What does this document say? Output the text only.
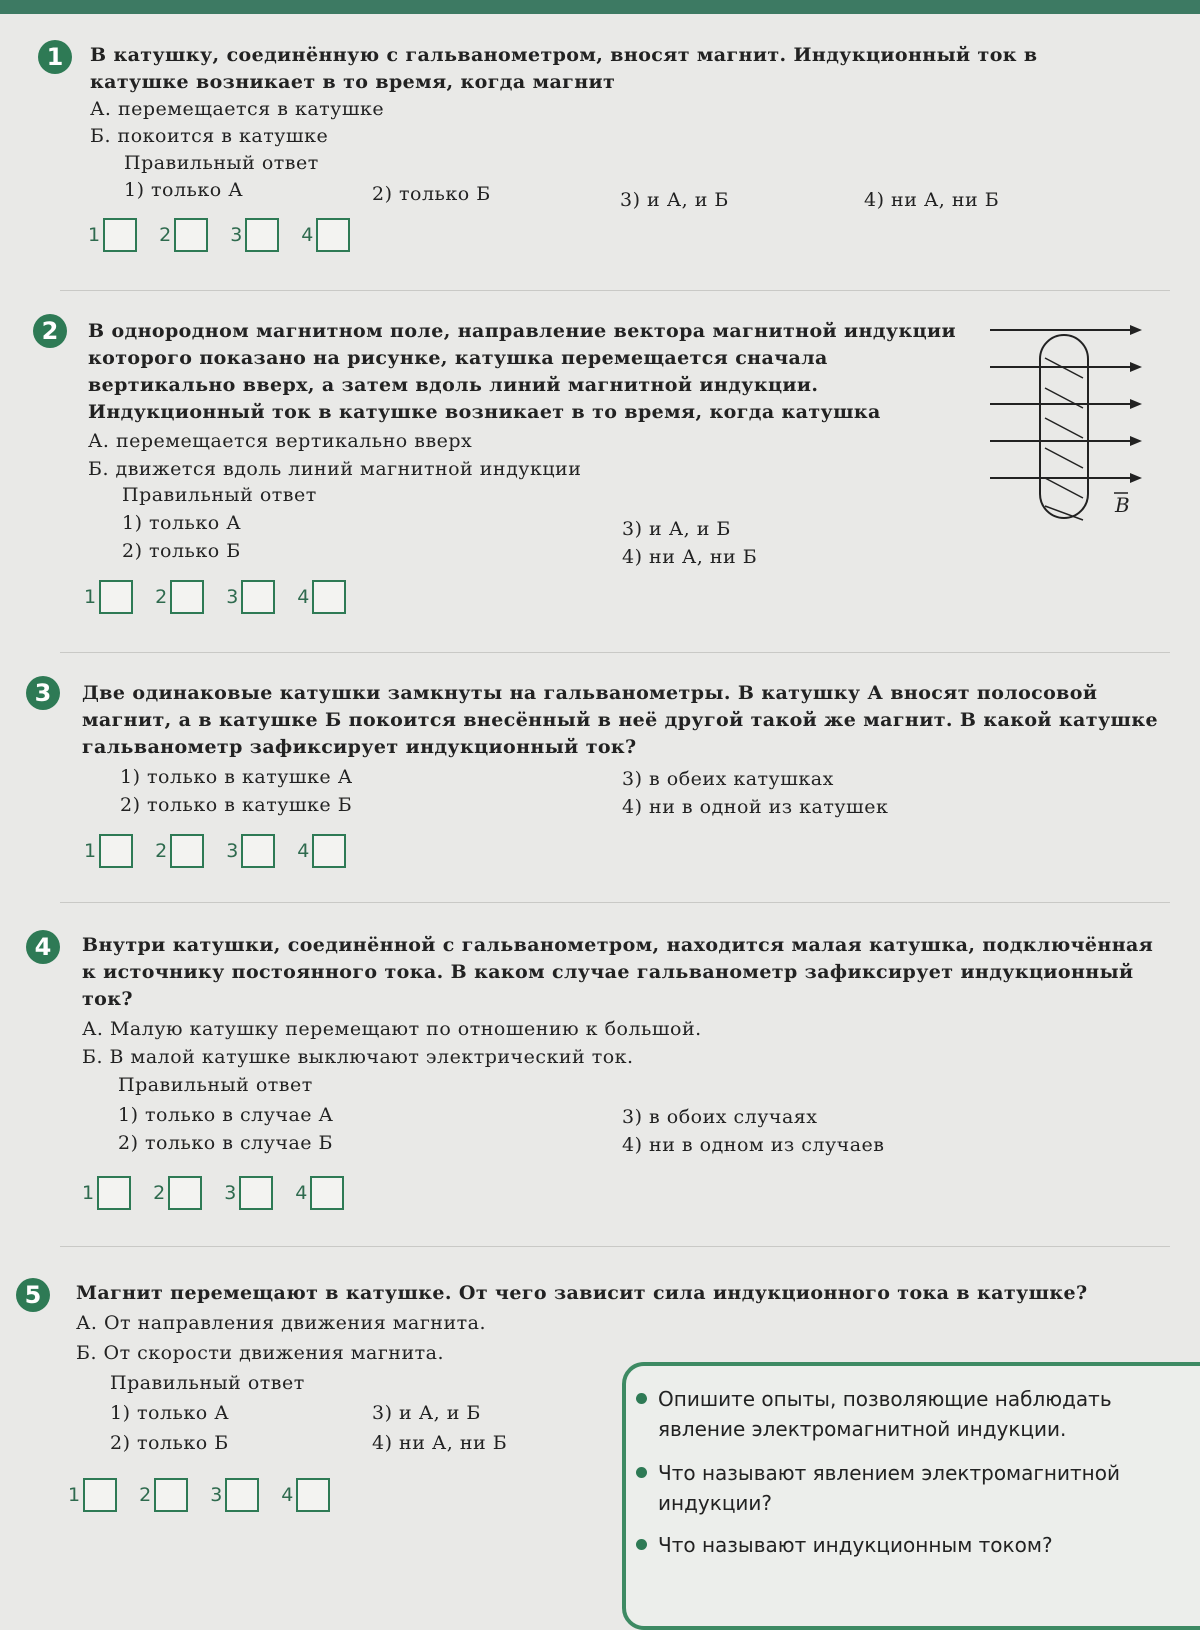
1	В катушку, соединённую с гальванометром, вносят магнит. Индукционный ток в катушке возникает в то время, когда магнит
А. перемещается в катушке
Б. покоится в катушке
Правильный ответ
1) только А	2) только Б	3) и А, и Б	4) ни А, ни Б
1	2	3	4
2	В однородном магнитном поле, направление вектора магнитной индукции которого показано на рисунке, катушка перемещается сначала вертикально вверх, а затем вдоль линий магнитной индукции. Индукционный ток в катушке возникает в то время, когда катушка
А. перемещается вертикально вверх
Б. движется вдоль линий магнитной индукции
Правильный ответ
1) только А
2) только Б
3) и А, и Б
4) ни А, ни Б
B
1	2	3	4
3	Две одинаковые катушки замкнуты на гальванометры. В катушку А вносят полосовой магнит, а в катушке Б покоится внесённый в неё другой такой же магнит. В какой катушке гальванометр зафиксирует индукционный ток?
1) только в катушке А
2) только в катушке Б
3) в обеих катушках
4) ни в одной из катушек
1	2	3	4
4	Внутри катушки, соединённой с гальванометром, находится малая катушка, подключённая к источнику постоянного тока. В каком случае гальванометр зафиксирует индукционный ток?
А. Малую катушку перемещают по отношению к большой.
Б. В малой катушке выключают электрический ток.
Правильный ответ
1) только в случае А
2) только в случае Б
3) в обоих случаях
4) ни в одном из случаев
1	2	3	4
5	Магнит перемещают в катушке. От чего зависит сила индукционного тока в катушке?
А. От направления движения магнита.
Б. От скорости движения магнита.
Правильный ответ
1) только А
2) только Б
3) и А, и Б
4) ни А, ни Б
1	2	3	4
Опишите опыты, позволяющие наблюдать явление электромагнитной индукции.
Что называют явлением электромагнитной индукции?
Что называют индукционным током?
